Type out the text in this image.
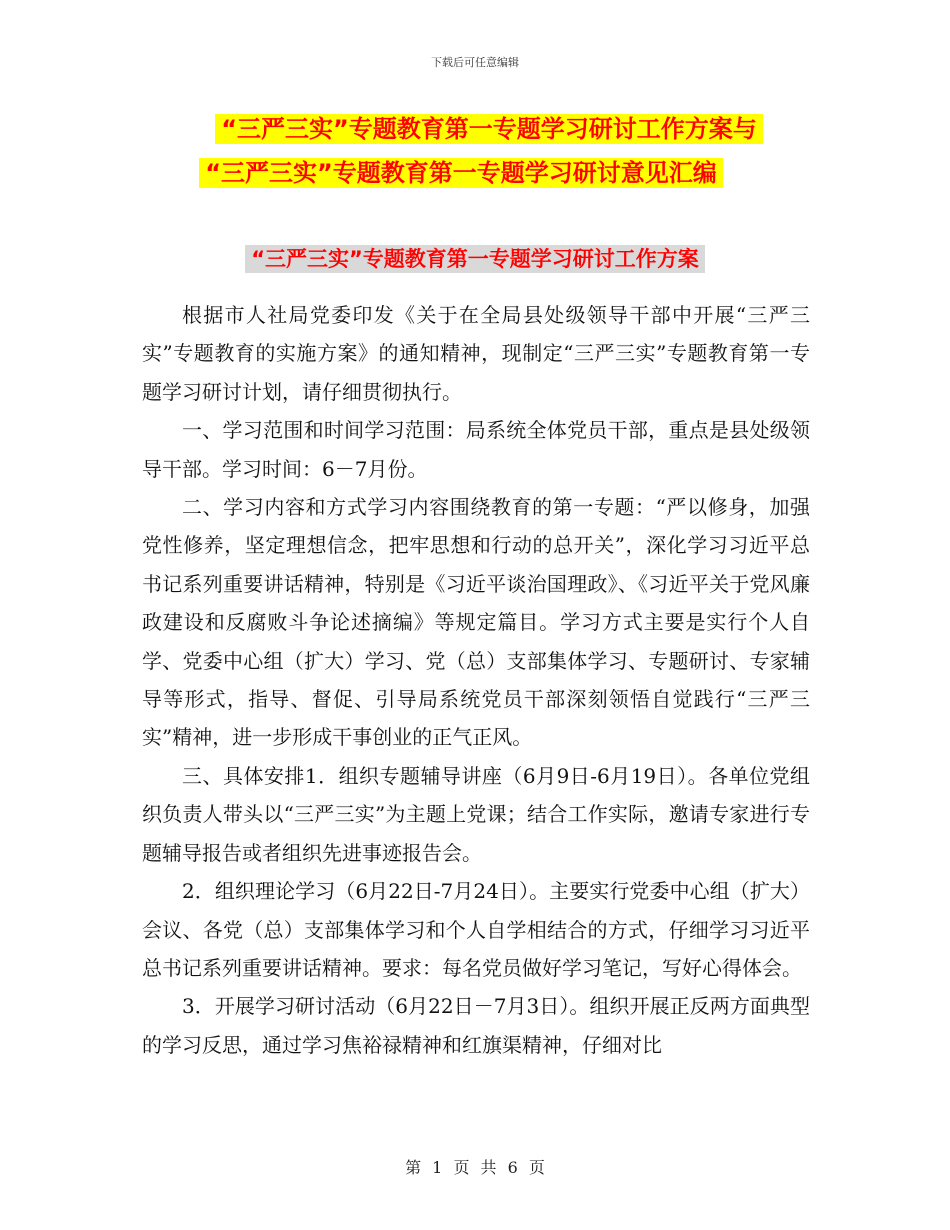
下载后可任意编辑
“三严三实”专题教育第一专题学习研讨工作方案与
“三严三实”专题教育第一专题学习研讨意见汇编
“三严三实”专题教育第一专题学习研讨工作方案

根据市人社局党委印发《关于在全局县处级领导干部中开展“三严三实”专题教育的实施方案》的通知精神，现制定“三严三实”专题教育第一专题学习研讨计划，请仔细贯彻执行。

一、学习范围和时间学习范围：局系统全体党员干部，重点是县处级领导干部。学习时间：6－7月份。

二、学习内容和方式学习内容围绕教育的第一专题：“严以修身，加强党性修养，坚定理想信念，把牢思想和行动的总开关”，深化学习习近平总书记系列重要讲话精神，特别是《习近平谈治国理政》、《习近平关于党风廉政建设和反腐败斗争论述摘编》等规定篇目。学习方式主要是实行个人自学、党委中心组（扩大）学习、党（总）支部集体学习、专题研讨、专家辅导等形式，指导、督促、引导局系统党员干部深刻领悟自觉践行“三严三实”精神，进一步形成干事创业的正气正风。

三、具体安排1．组织专题辅导讲座（6月9日-6月19日）。各单位党组织负责人带头以“三严三实”为主题上党课；结合工作实际，邀请专家进行专题辅导报告或者组织先进事迹报告会。

2．组织理论学习（6月22日-7月24日）。主要实行党委中心组（扩大）会议、各党（总）支部集体学习和个人自学相结合的方式，仔细学习习近平总书记系列重要讲话精神。要求：每名党员做好学习笔记，写好心得体会。

3．开展学习研讨活动（6月22日－7月3日）。组织开展正反两方面典型的学习反思，通过学习焦裕禄精神和红旗渠精神，仔细对比

第 1 页 共 6 页
